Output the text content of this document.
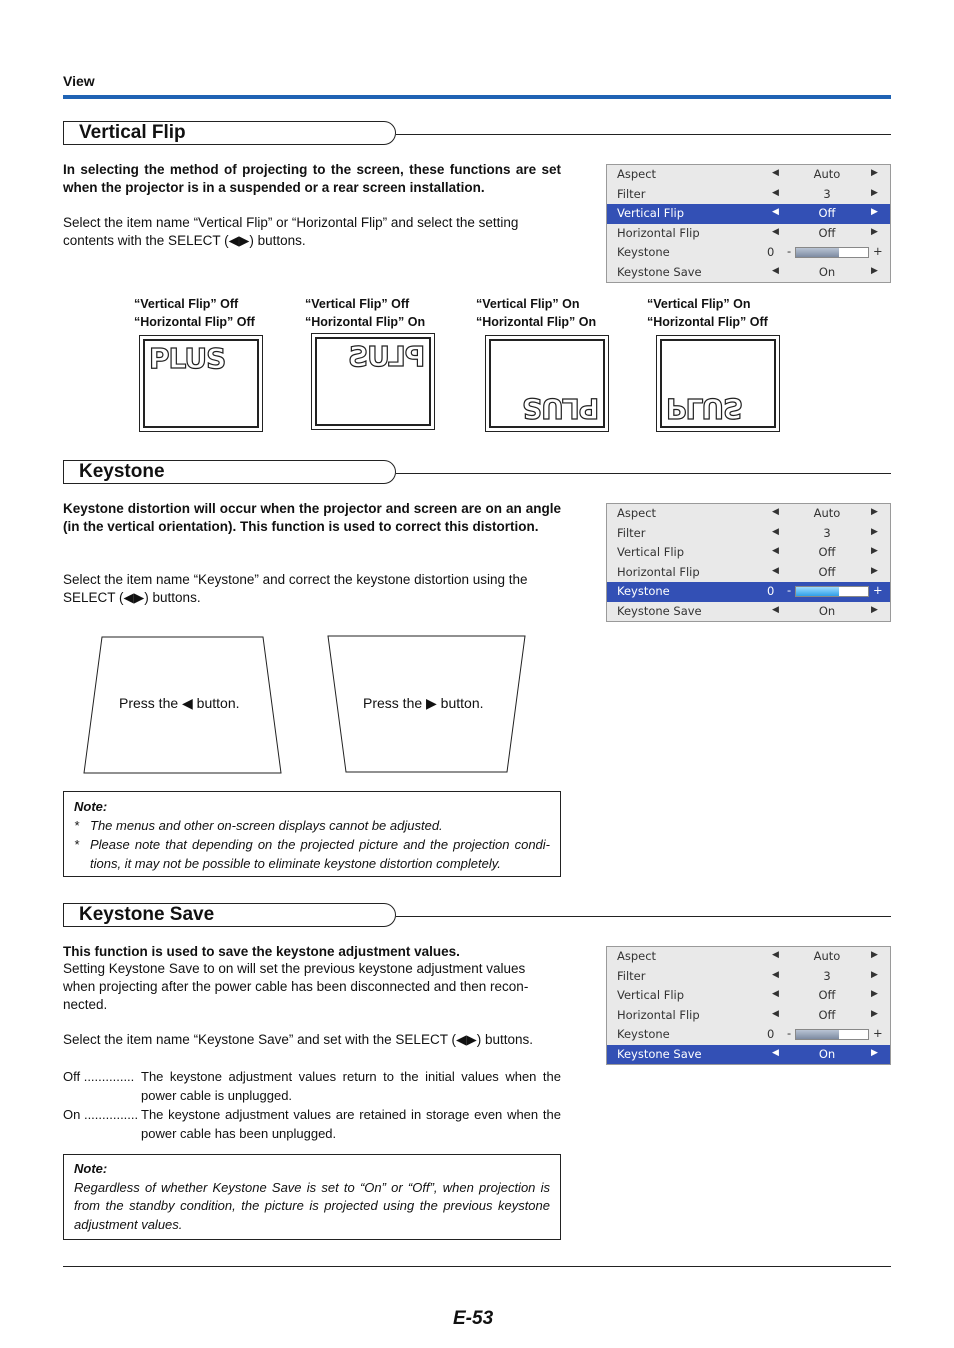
View
Vertical Flip
In selecting the method of projecting to the screen, these functions are set when the projector is in a suspended or a rear screen installation.
Select the item name “Vertical Flip” or “Horizontal Flip” and select the setting contents with the SELECT (◀▶) buttons.
Aspect	◀	Auto	▶
Filter	◀	3	▶
Vertical Flip	◀	Off	▶
Horizontal Flip	◀	Off	▶
Keystone	0 -	+
Keystone Save	◀	On	▶
“Vertical Flip” Off
“Horizontal Flip” Off
“Vertical Flip” Off
“Horizontal Flip” On
“Vertical Flip” On
“Horizontal Flip” On
“Vertical Flip” On
“Horizontal Flip” Off
PLUS	PLUS
PLUS PLUS
Keystone
Keystone distortion will occur when the projector and screen are on an angle (in the vertical orientation). This function is used to correct this distortion.
Select the item name “Keystone” and correct the keystone distortion using the SELECT (◀▶) buttons.
Aspect	◀	Auto	▶
Filter	◀	3	▶
Vertical Flip	◀	Off	▶
Horizontal Flip	◀	Off	▶
Keystone	0 -	+
Keystone Save	◀	On	▶
Press the ◀ button.	Press the ▶ button.
Note:
* The menus and other on-screen displays cannot be adjusted.
* Please note that depending on the projected picture and the projection condi-tions, it may not be possible to eliminate keystone distortion completely.
Keystone Save
This function is used to save the keystone adjustment values.
Setting Keystone Save to on will set the previous keystone adjustment values when projecting after the power cable has been disconnected and then recon-nected.
Select the item name “Keystone Save” and set with the SELECT (◀▶) buttons.
Aspect	◀	Auto	▶
Filter	◀	3	▶
Vertical Flip	◀	Off	▶
Horizontal Flip	◀	Off	▶
Keystone	0 -	+
Keystone Save	◀	On	▶
Off .............. The keystone adjustment values return to the initial values when the power cable is unplugged.
On ............... The keystone adjustment values are retained in storage even when the power cable has been unplugged.
Note:
Regardless of whether Keystone Save is set to “On” or “Off”, when projection is from the standby condition, the picture is projected using the previous keystone adjustment values.
E-53
